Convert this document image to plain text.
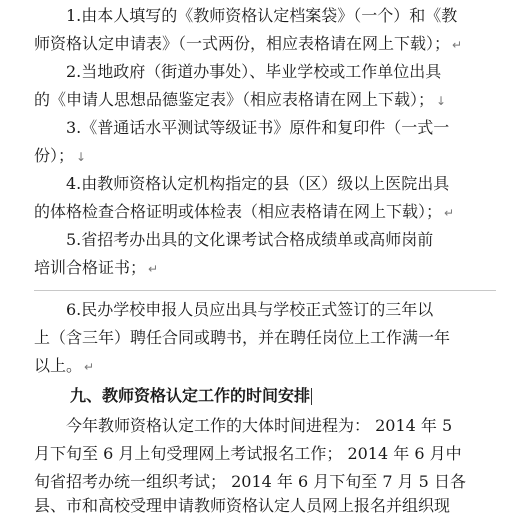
1.由本人填写的《教师资格认定档案袋》（一个）和《教
师资格认定申请表》（一式两份，相应表格请在网上下载）； ↵
2.当地政府（街道办事处）、毕业学校或工作单位出具
的《申请人思想品德鉴定表》（相应表格请在网上下载）； ↓
3.《普通话水平测试等级证书》原件和复印件（一式一
份）； ↓
4.由教师资格认定机构指定的县（区）级以上医院出具
的体格检查合格证明或体检表（相应表格请在网上下载）； ↵
5.省招考办出具的文化课考试合格成绩单或高师岗前
培训合格证书； ↵
6.民办学校申报人员应出具与学校正式签订的三年以
上（含三年）聘任合同或聘书，并在聘任岗位上工作满一年
以上。 ↵
九、教师资格认定工作的时间安排
今年教师资格认定工作的大体时间进程为： 2014 年 5
月下旬至 6 月上旬受理网上考试报名工作； 2014 年 6 月中
旬省招考办统一组织考试； 2014 年 6 月下旬至 7 月 5 日各
县、市和高校受理申请教师资格认定人员网上报名并组织现
